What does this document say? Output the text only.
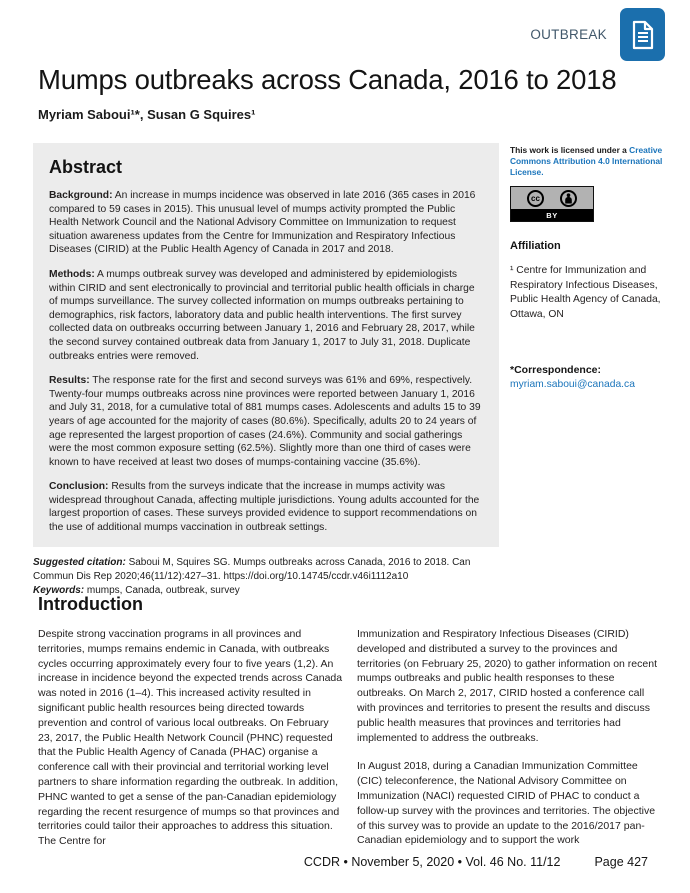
OUTBREAK
Mumps outbreaks across Canada, 2016 to 2018
Myriam Saboui¹*, Susan G Squires¹
Abstract

Background: An increase in mumps incidence was observed in late 2016 (365 cases in 2016 compared to 59 cases in 2015). This unusual level of mumps activity prompted the Public Health Network Council and the National Advisory Committee on Immunization to request situation awareness updates from the Centre for Immunization and Respiratory Infectious Diseases (CIRID) at the Public Health Agency of Canada in 2017 and 2018.

Methods: A mumps outbreak survey was developed and administered by epidemiologists within CIRID and sent electronically to provincial and territorial public health officials in charge of mumps surveillance. The survey collected information on mumps outbreaks pertaining to demographics, risk factors, laboratory data and public health interventions. The first survey collected data on outbreaks occurring between January 1, 2016 and February 28, 2017, while the second survey contained outbreak data from January 1, 2017 to July 31, 2018. Duplicate outbreaks entries were removed.

Results: The response rate for the first and second surveys was 61% and 69%, respectively. Twenty-four mumps outbreaks across nine provinces were reported between January 1, 2016 and July 31, 2018, for a cumulative total of 881 mumps cases. Adolescents and adults 15 to 39 years of age accounted for the majority of cases (80.6%). Specifically, adults 20 to 24 years of age represented the largest proportion of cases (24.6%). Community and social gatherings were the most common exposure setting (62.5%). Slightly more than one third of cases were known to have received at least two doses of mumps-containing vaccine (35.6%).

Conclusion: Results from the surveys indicate that the increase in mumps activity was widespread throughout Canada, affecting multiple jurisdictions. Young adults accounted for the largest proportion of cases. These surveys provided evidence to support recommendations on the use of additional mumps vaccination in outbreak settings.

Suggested citation: Saboui M, Squires SG. Mumps outbreaks across Canada, 2016 to 2018. Can Commun Dis Rep 2020;46(11/12):427–31. https://doi.org/10.14745/ccdr.v46i1112a10
Keywords: mumps, Canada, outbreak, survey
This work is licensed under a Creative Commons Attribution 4.0 International License.
cc
BY
Affiliation
¹ Centre for Immunization and Respiratory Infectious Diseases, Public Health Agency of Canada, Ottawa, ON
*Correspondence:
myriam.saboui@canada.ca
Introduction

Despite strong vaccination programs in all provinces and territories, mumps remains endemic in Canada, with outbreaks cycles occurring approximately every four to five years (1,2). An increase in incidence beyond the expected trends across Canada was noted in 2016 (1–4). This increased activity resulted in significant public health resources being directed towards prevention and control of various local outbreaks. On February 23, 2017, the Public Health Network Council (PHNC) requested that the Public Health Agency of Canada (PHAC) organise a conference call with their provincial and territorial working level partners to share information regarding the outbreak. In addition, PHNC wanted to get a sense of the pan-Canadian epidemiology regarding the recent resurgence of mumps so that provinces and territories could tailor their approaches to address this situation. The Centre for

Immunization and Respiratory Infectious Diseases (CIRID) developed and distributed a survey to the provinces and territories (on February 25, 2020) to gather information on recent mumps outbreaks and public health responses to these outbreaks. On March 2, 2017, CIRID hosted a conference call with provinces and territories to present the results and discuss public health measures that provinces and territories had implemented to address the outbreaks.

In August 2018, during a Canadian Immunization Committee (CIC) teleconference, the National Advisory Committee on Immunization (NACI) requested CIRID of PHAC to conduct a follow-up survey with the provinces and territories. The objective of this survey was to provide an update to the 2016/2017 pan-Canadian epidemiology and to support the work

CCDR • November 5, 2020 • Vol. 46 No. 11/12	Page 427
